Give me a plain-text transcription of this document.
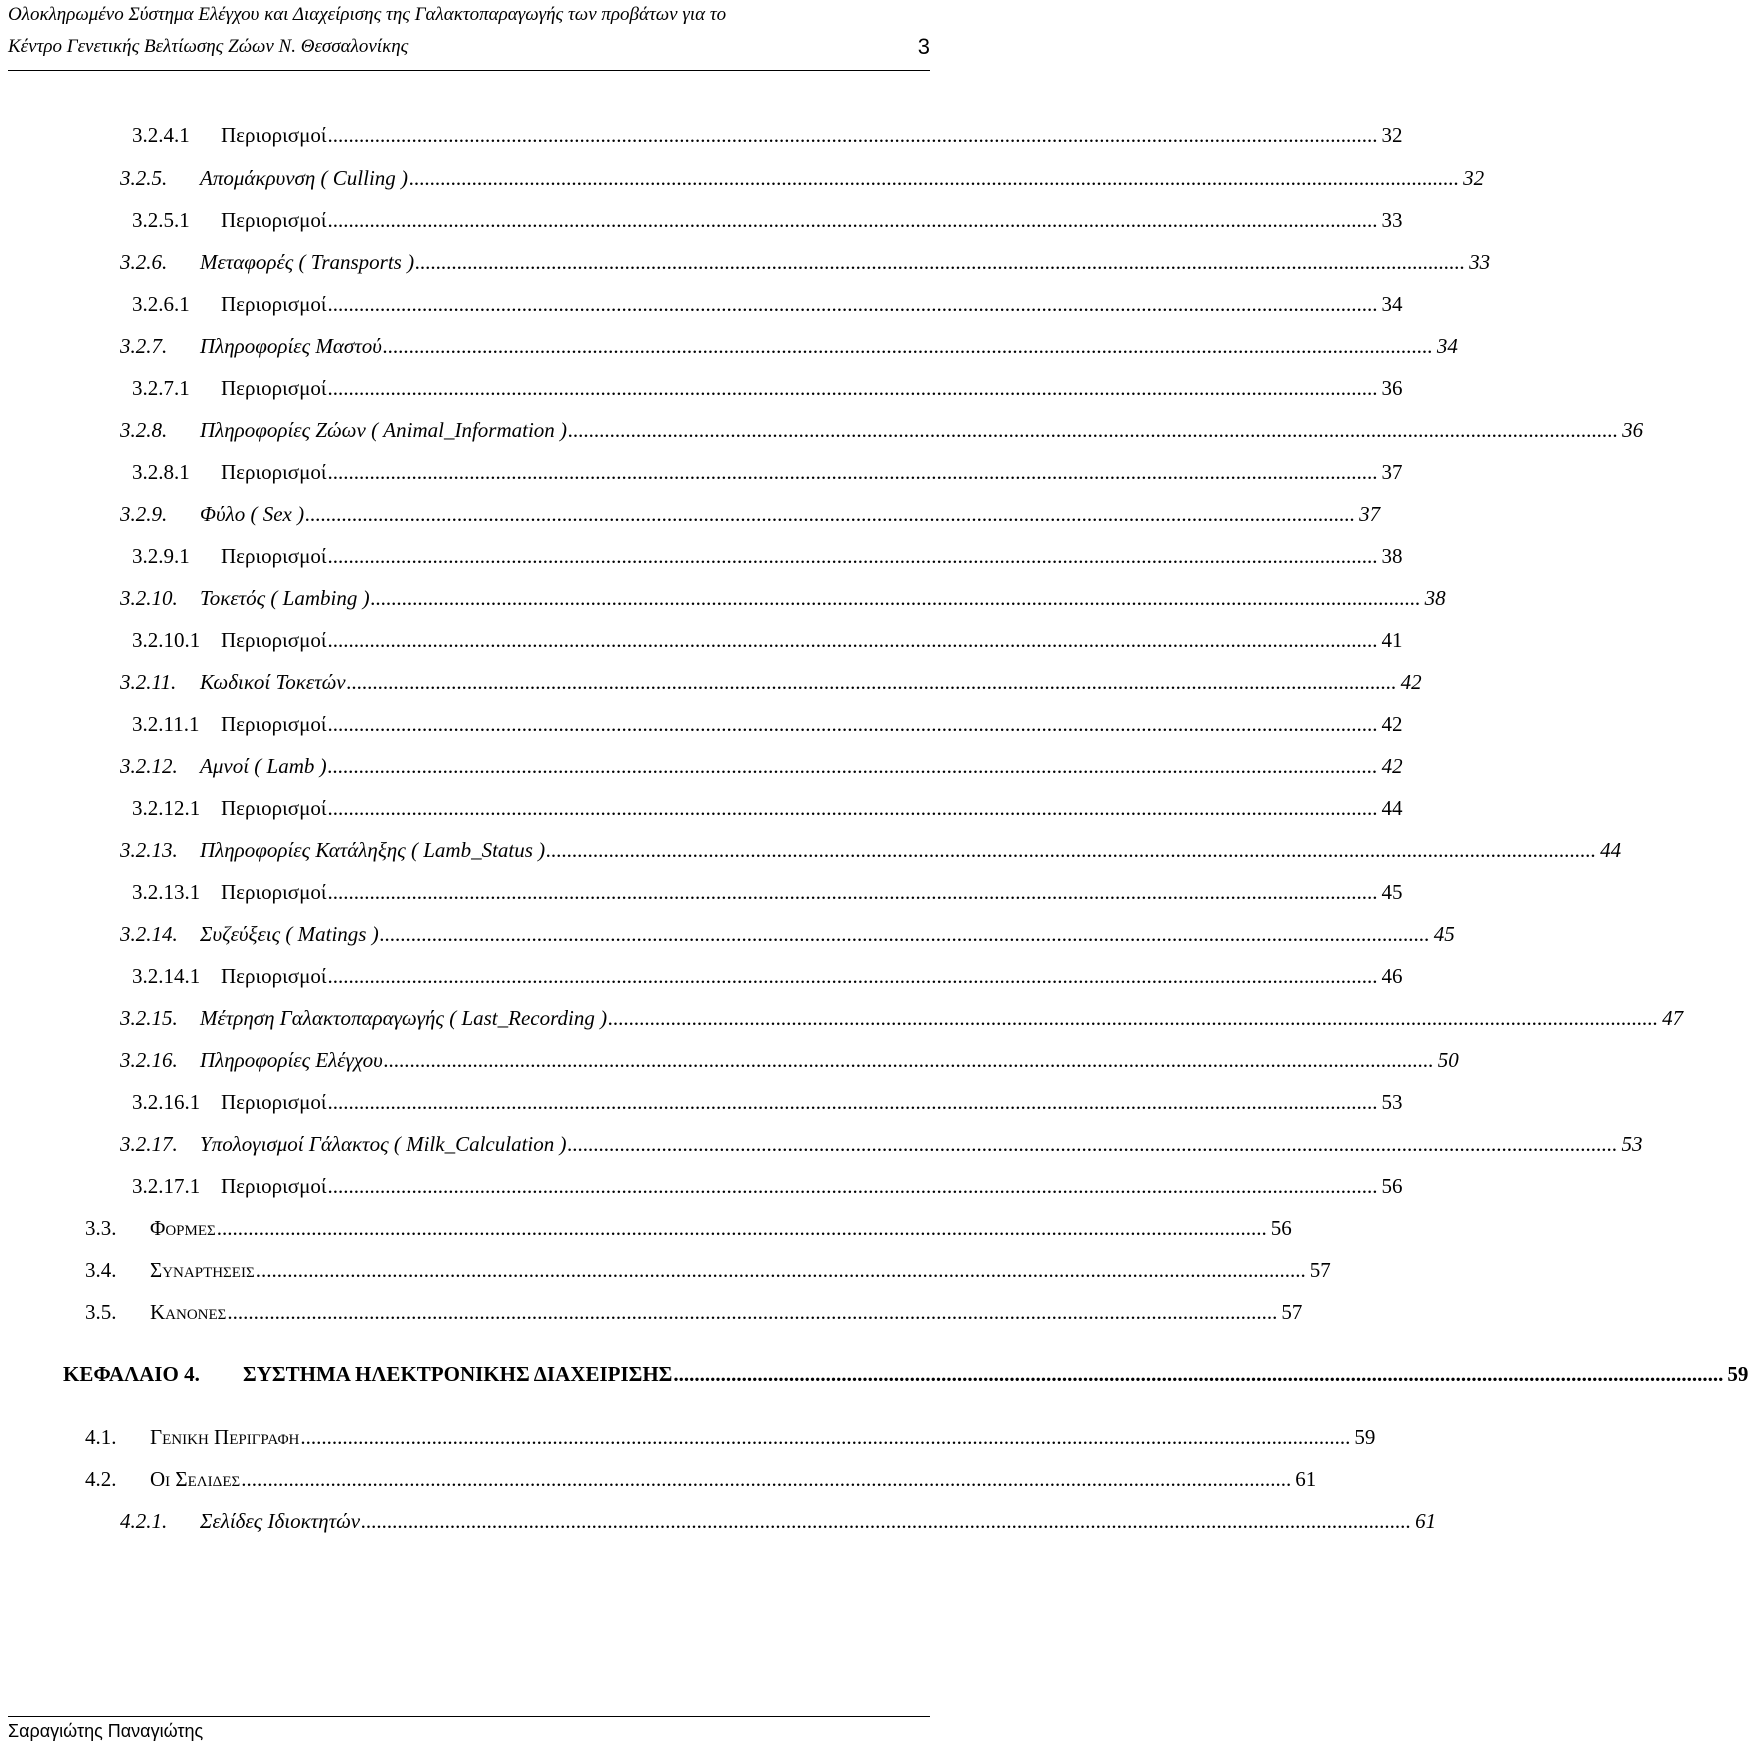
Ολοκληρωμένο Σύστημα Ελέγχου και Διαχείρισης της Γαλακτοπαραγωγής των προβάτων για το
Κέντρο Γενετικής Βελτίωσης Ζώων Ν. Θεσσαλονίκης	3
3.2.4.1	Περιορισμοί ........................................................................................................................................................................................................ 32
3.2.5.	Απομάκρυνση ( Culling ) ........................................................................................................................................................................................................ 32
3.2.5.1	Περιορισμοί ........................................................................................................................................................................................................ 33
3.2.6.	Μεταφορές ( Transports ) ........................................................................................................................................................................................................ 33
3.2.6.1	Περιορισμοί ........................................................................................................................................................................................................ 34
3.2.7.	Πληροφορίες Μαστού ........................................................................................................................................................................................................ 34
3.2.7.1	Περιορισμοί ........................................................................................................................................................................................................ 36
3.2.8.	Πληροφορίες Ζώων ( Animal_Information ) ........................................................................................................................................................................................................ 36
3.2.8.1	Περιορισμοί ........................................................................................................................................................................................................ 37
3.2.9.	Φύλο ( Sex ) ........................................................................................................................................................................................................ 37
3.2.9.1	Περιορισμοί ........................................................................................................................................................................................................ 38
3.2.10.	Τοκετός ( Lambing ) ........................................................................................................................................................................................................ 38
3.2.10.1 Περιορισμοί ........................................................................................................................................................................................................ 41
3.2.11.	Κωδικοί Τοκετών ........................................................................................................................................................................................................ 42
3.2.11.1	Περιορισμοί ........................................................................................................................................................................................................ 42
3.2.12.	Αμνοί ( Lamb ) ........................................................................................................................................................................................................ 42
3.2.12.1 Περιορισμοί ........................................................................................................................................................................................................ 44
3.2.13.	Πληροφορίες Κατάληξης ( Lamb_Status ) ........................................................................................................................................................................................................ 44
3.2.13.1 Περιορισμοί ........................................................................................................................................................................................................ 45
3.2.14.	Συζεύξεις ( Matings ) ........................................................................................................................................................................................................ 45
3.2.14.1 Περιορισμοί ........................................................................................................................................................................................................ 46
3.2.15.	Μέτρηση Γαλακτοπαραγωγής ( Last_Recording ) ........................................................................................................................................................................................................ 47
3.2.16.	Πληροφορίες Ελέγχου ........................................................................................................................................................................................................ 50
3.2.16.1 Περιορισμοί ........................................................................................................................................................................................................ 53
3.2.17.	Υπολογισμοί Γάλακτος ( Milk_Calculation ) ........................................................................................................................................................................................................ 53
3.2.17.1 Περιορισμοί ........................................................................................................................................................................................................ 56
3.3.	Φορμεσ ........................................................................................................................................................................................................ 56
3.4.	Συναρτησεισ ........................................................................................................................................................................................................ 57
3.5.	Κανονεσ ........................................................................................................................................................................................................ 57
ΚΕΦΑΛΑΙΟ 4.	ΣΥΣΤΗΜΑ ΗΛΕΚΤΡΟΝΙΚΗΣ ΔΙΑΧΕΙΡΙΣΗΣ ........................................................................................................................................................................................................ 59
4.1.	Γενικη Περιγραφη ........................................................................................................................................................................................................ 59
4.2.	Οι Σελιδεσ ........................................................................................................................................................................................................ 61
4.2.1.	Σελίδες Ιδιοκτητών ........................................................................................................................................................................................................ 61
Σαραγιώτης Παναγιώτης
